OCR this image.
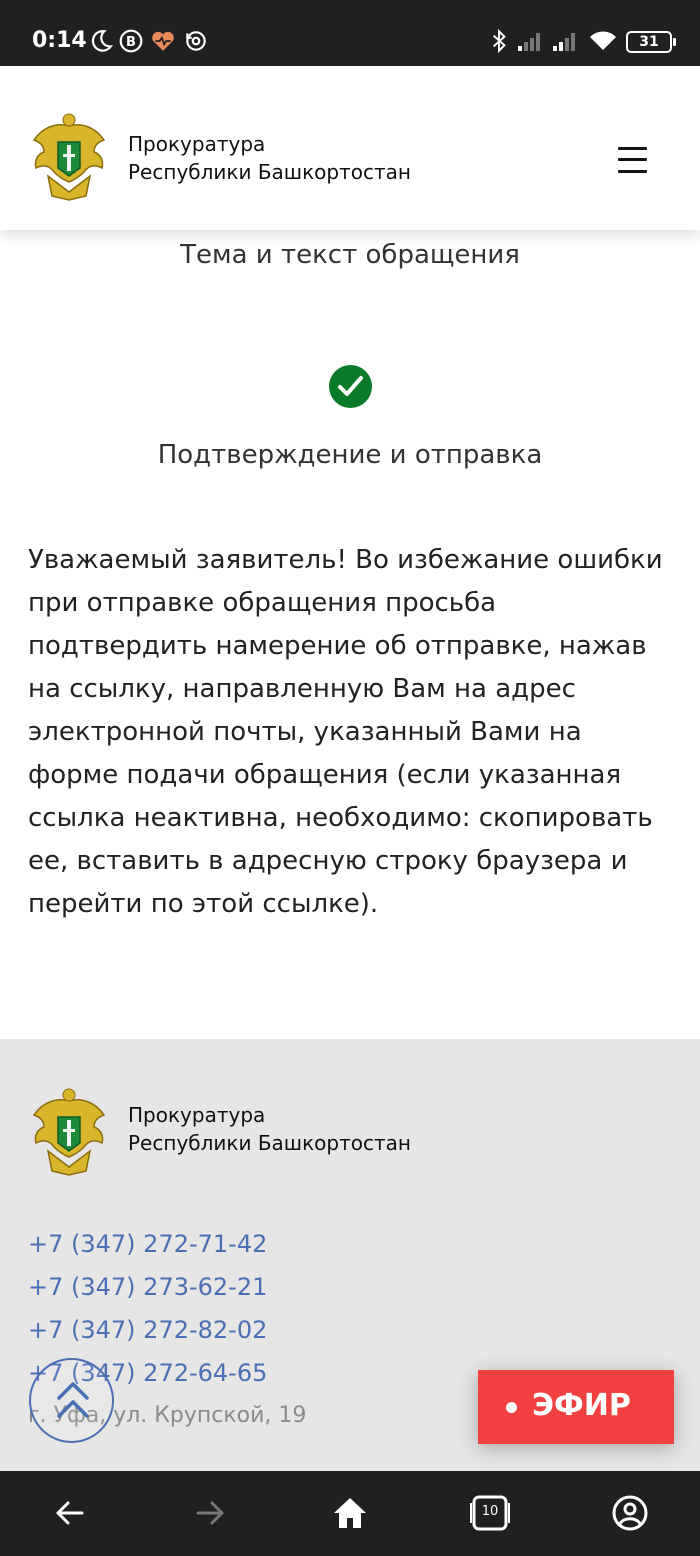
0:14	B	31
Прокуратура
Республики Башкортостан
Тема и текст обращения
Подтверждение и отправка
Уважаемый заявитель! Во избежание ошибки при отправке обращения просьба подтвердить намерение об отправке, нажав на ссылку, направленную Вам на адрес электронной почты, указанный Вами на форме подачи обращения (если указанная ссылка неактивна, необходимо: скопировать ее, вставить в адресную строку браузера и перейти по этой ссылке).
Прокуратура
Республики Башкортостан
+7 (347) 272-71-42
+7 (347) 273-62-21
+7 (347) 272-82-02
+7 (347) 272-64-65
г. Уфа, ул. Крупской, 19	ЭФИР
10
